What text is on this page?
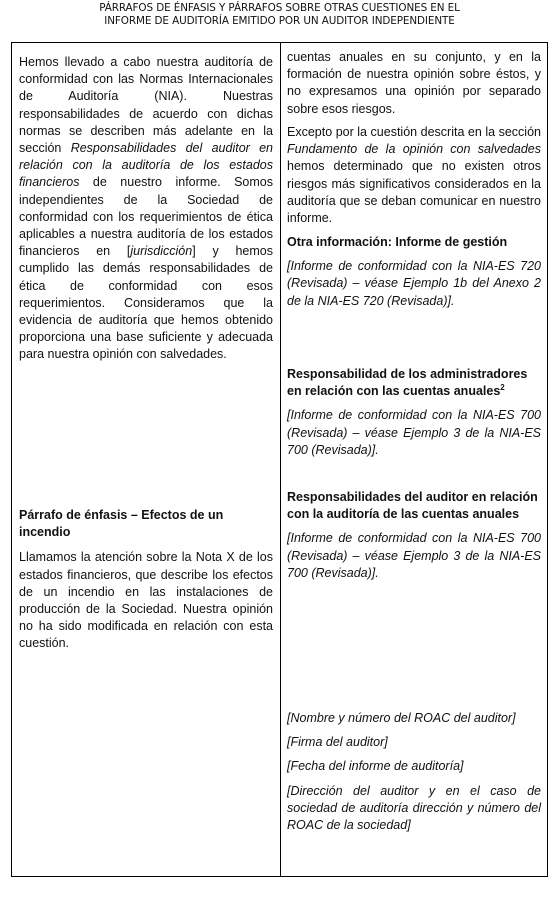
PÁRRAFOS DE ÉNFASIS Y PÁRRAFOS SOBRE OTRAS CUESTIONES EN EL
INFORME DE AUDITORÍA EMITIDO POR UN AUDITOR INDEPENDIENTE

Hemos llevado a cabo nuestra auditoría de conformidad con las Normas Internacionales de Auditoría (NIA). Nuestras responsabilidades de acuerdo con dichas normas se describen más adelante en la sección Responsabilidades del auditor en relación con la auditoría de los estados financieros de nuestro informe. Somos independientes de la Sociedad de conformidad con los requerimientos de ética aplicables a nuestra auditoría de los estados financieros en [jurisdicción] y hemos cumplido las demás responsabilidades de ética de conformidad con esos requerimientos. Consideramos que la evidencia de auditoría que hemos obtenido proporciona una base suficiente y adecuada para nuestra opinión con salvedades.

Párrafo de énfasis – Efectos de un incendio

Llamamos la atención sobre la Nota X de los estados financieros, que describe los efectos de un incendio en las instalaciones de producción de la Sociedad. Nuestra opinión no ha sido modificada en relación con esta cuestión.

cuentas anuales en su conjunto, y en la formación de nuestra opinión sobre éstos, y no expresamos una opinión por separado sobre esos riesgos.

Excepto por la cuestión descrita en la sección Fundamento de la opinión con salvedades hemos determinado que no existen otros riesgos más significativos considerados en la auditoría que se deban comunicar en nuestro informe.

Otra información: Informe de gestión

[Informe de conformidad con la NIA-ES 720 (Revisada) – véase Ejemplo 1b del Anexo 2 de la NIA-ES 720 (Revisada)].

Responsabilidad de los administradores en relación con las cuentas anuales$^2$

[Informe de conformidad con la NIA-ES 700 (Revisada) – véase Ejemplo 3 de la NIA-ES 700 (Revisada)].

Responsabilidades del auditor en relación con la auditoría de las cuentas anuales

[Informe de conformidad con la NIA-ES 700 (Revisada) – véase Ejemplo 3 de la NIA-ES 700 (Revisada)].

[Nombre y número del ROAC del auditor]

[Firma del auditor]

[Fecha del informe de auditoría]

[Dirección del auditor y en el caso de sociedad de auditoría dirección y número del ROAC de la sociedad]
